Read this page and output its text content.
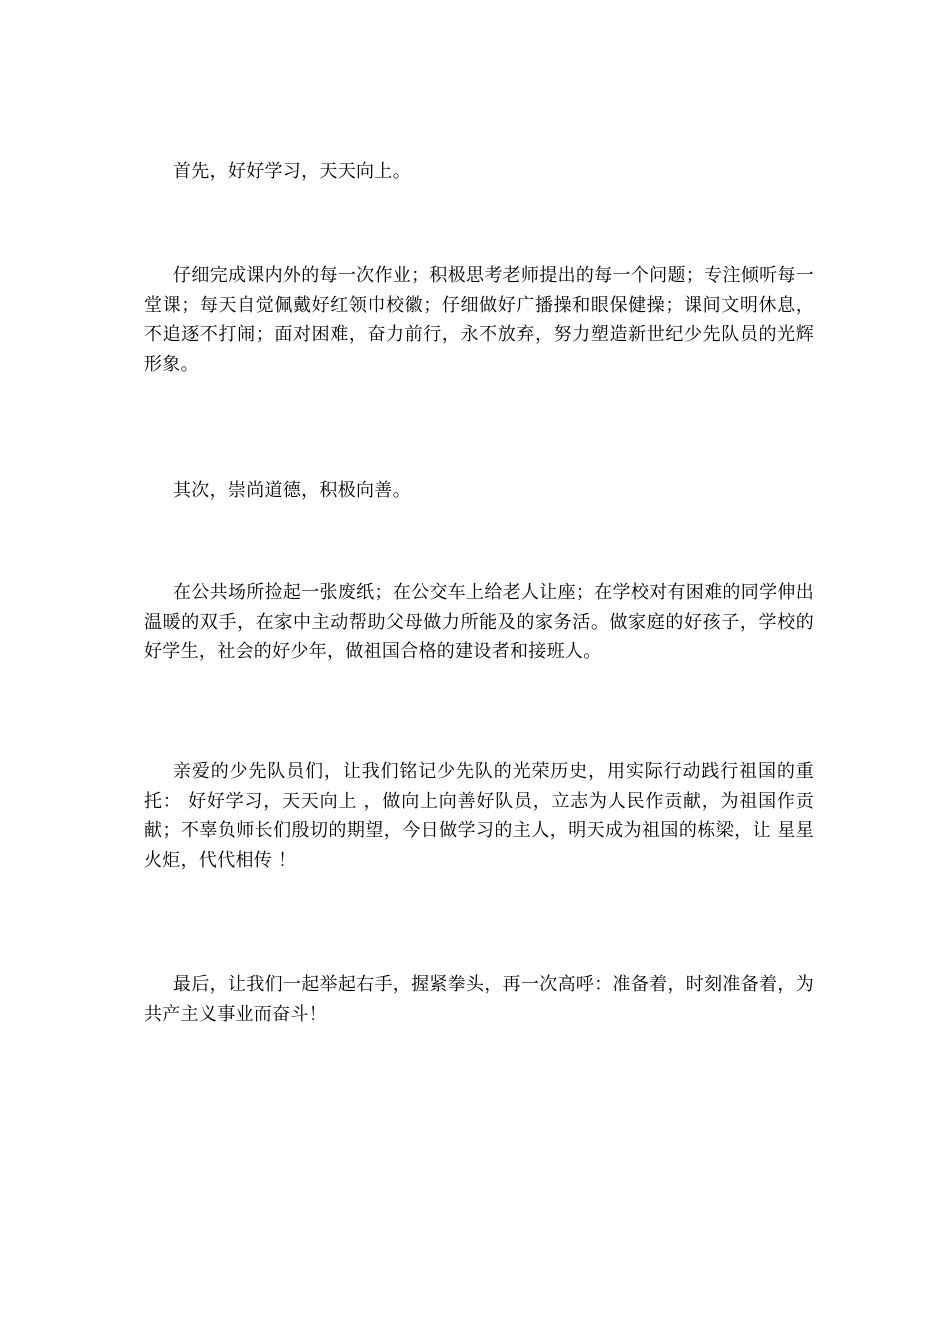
首先，好好学习，天天向上。

仔细完成课内外的每一次作业；积极思考老师提出的每一个问题；专注倾听每一堂课；每天自觉佩戴好红领巾校徽；仔细做好广播操和眼保健操；课间文明休息，不追逐不打闹；面对困难，奋力前行，永不放弃，努力塑造新世纪少先队员的光辉形象。

其次，崇尚道德，积极向善。

在公共场所捡起一张废纸；在公交车上给老人让座；在学校对有困难的同学伸出温暖的双手，在家中主动帮助父母做力所能及的家务活。做家庭的好孩子，学校的好学生，社会的好少年，做祖国合格的建设者和接班人。

亲爱的少先队员们，让我们铭记少先队的光荣历史，用实际行动践行祖国的重托： 好好学习，天天向上 ，做向上向善好队员，立志为人民作贡献，为祖国作贡献；不辜负师长们殷切的期望，今日做学习的主人，明天成为祖国的栋梁，让 星星火炬，代代相传 ！

最后，让我们一起举起右手，握紧拳头，再一次高呼：准备着，时刻准备着，为共产主义事业而奋斗！
